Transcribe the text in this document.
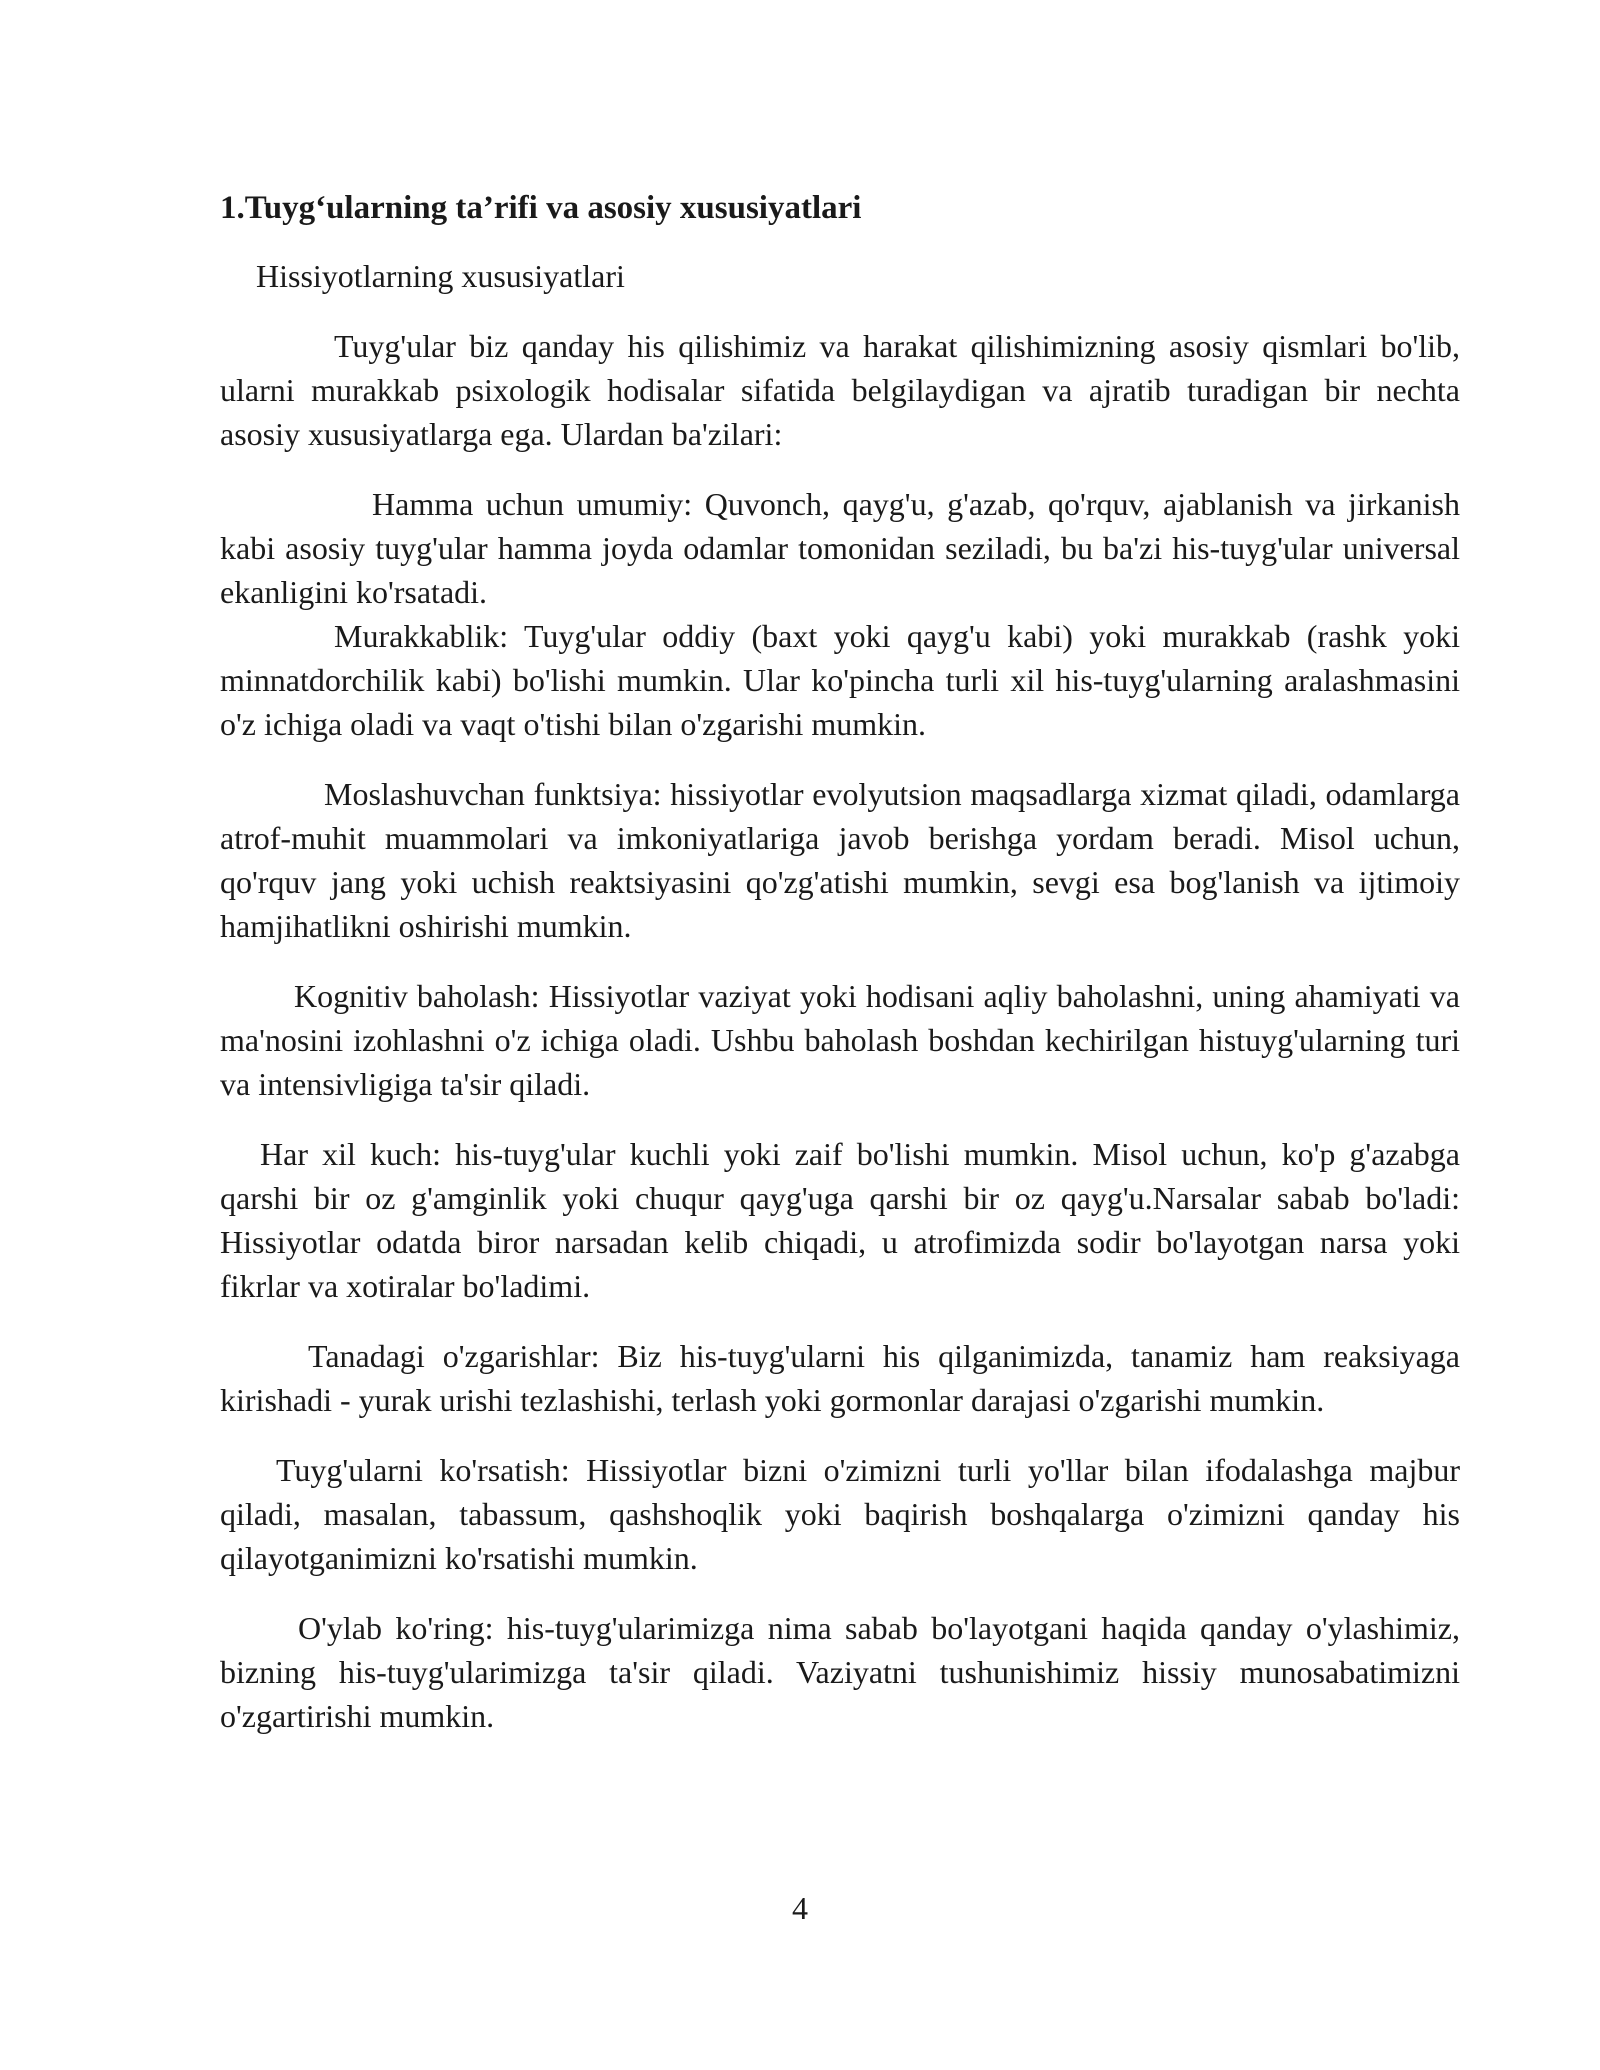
1.Tuyg‘ularning ta’rifi va asosiy xususiyatlari

Hissiyotlarning xususiyatlari

Tuyg'ular biz qanday his qilishimiz va harakat qilishimizning asosiy qismlari bo'lib, ularni murakkab psixologik hodisalar sifatida belgilaydigan va ajratib turadigan bir nechta asosiy xususiyatlarga ega. Ulardan ba'zilari:

Hamma uchun umumiy: Quvonch, qayg'u, g'azab, qo'rquv, ajablanish va jirkanish kabi asosiy tuyg'ular hamma joyda odamlar tomonidan seziladi, bu ba'zi his-tuyg'ular universal ekanligini ko'rsatadi.

Murakkablik: Tuyg'ular oddiy (baxt yoki qayg'u kabi) yoki murakkab (rashk yoki minnatdorchilik kabi) bo'lishi mumkin. Ular ko'pincha turli xil his-tuyg'ularning aralashmasini o'z ichiga oladi va vaqt o'tishi bilan o'zgarishi mumkin.

Moslashuvchan funktsiya: hissiyotlar evolyutsion maqsadlarga xizmat qiladi, odamlarga atrof-muhit muammolari va imkoniyatlariga javob berishga yordam beradi. Misol uchun, qo'rquv jang yoki uchish reaktsiyasini qo'zg'atishi mumkin, sevgi esa bog'lanish va ijtimoiy hamjihatlikni oshirishi mumkin.

Kognitiv baholash: Hissiyotlar vaziyat yoki hodisani aqliy baholashni, uning ahamiyati va ma'nosini izohlashni o'z ichiga oladi. Ushbu baholash boshdan kechirilgan histuyg'ularning turi va intensivligiga ta'sir qiladi.

Har xil kuch: his-tuyg'ular kuchli yoki zaif bo'lishi mumkin. Misol uchun, ko'p g'azabga qarshi bir oz g'amginlik yoki chuqur qayg'uga qarshi bir oz qayg'u.Narsalar sabab bo'ladi: Hissiyotlar odatda biror narsadan kelib chiqadi, u atrofimizda sodir bo'layotgan narsa yoki fikrlar va xotiralar bo'ladimi.

Tanadagi o'zgarishlar: Biz his-tuyg'ularni his qilganimizda, tanamiz ham reaksiyaga kirishadi - yurak urishi tezlashishi, terlash yoki gormonlar darajasi o'zgarishi mumkin.

Tuyg'ularni ko'rsatish: Hissiyotlar bizni o'zimizni turli yo'llar bilan ifodalashga majbur qiladi, masalan, tabassum, qashshoqlik yoki baqirish boshqalarga o'zimizni qanday his qilayotganimizni ko'rsatishi mumkin.

O'ylab ko'ring: his-tuyg'ularimizga nima sabab bo'layotgani haqida qanday o'ylashimiz, bizning his-tuyg'ularimizga ta'sir qiladi. Vaziyatni tushunishimiz hissiy munosabatimizni o'zgartirishi mumkin.

4
